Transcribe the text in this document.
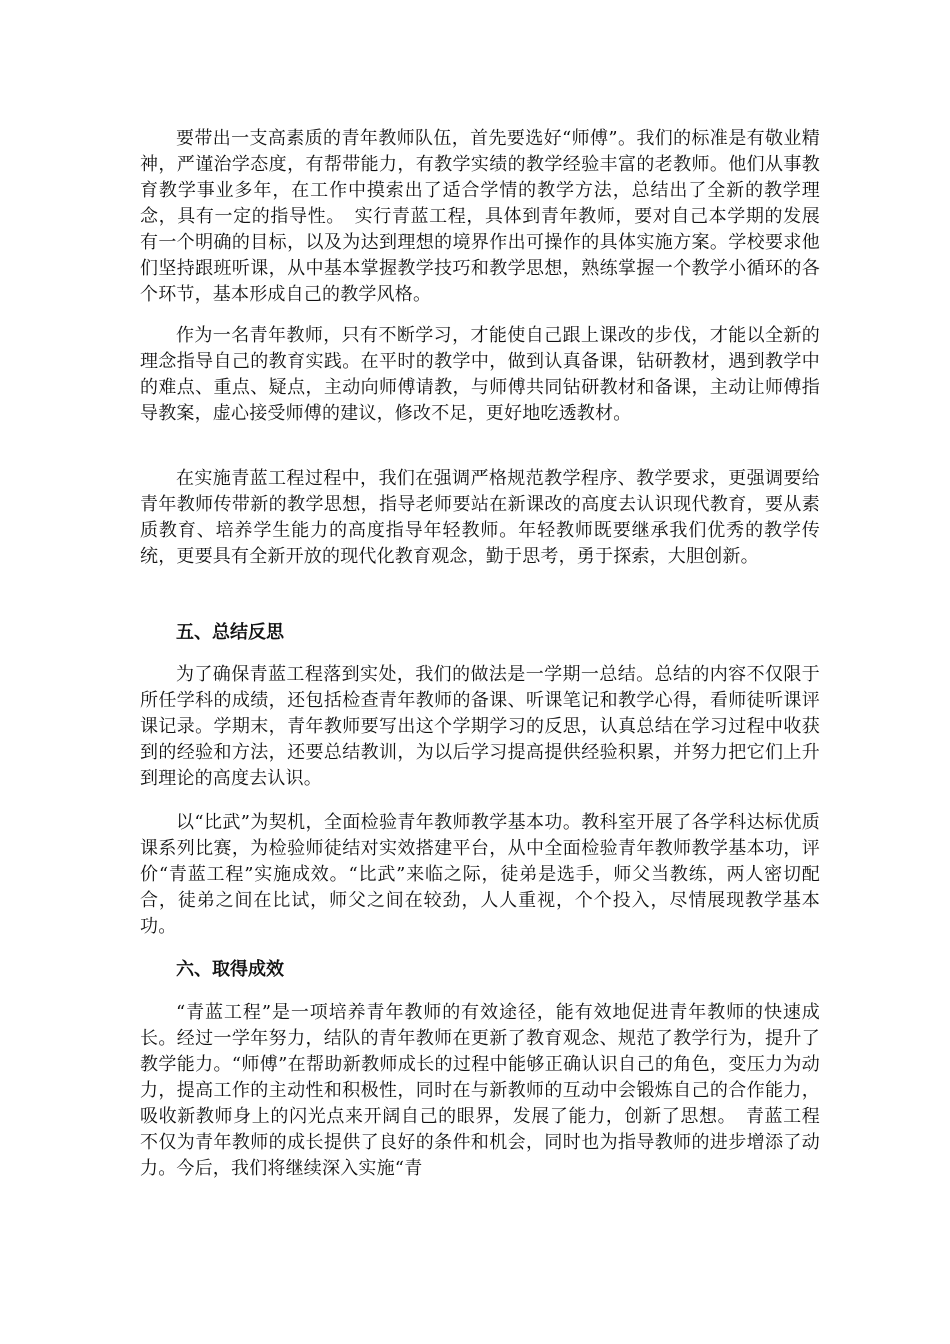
要带出一支高素质的青年教师队伍，首先要选好“师傅”。我们的标准是有敬业精神，严谨治学态度，有帮带能力，有教学实绩的教学经验丰富的老教师。他们从事教育教学事业多年，在工作中摸索出了适合学情的教学方法，总结出了全新的教学理念，具有一定的指导性。　实行青蓝工程，具体到青年教师，要对自己本学期的发展有一个明确的目标，以及为达到理想的境界作出可操作的具体实施方案。学校要求他们坚持跟班听课，从中基本掌握教学技巧和教学思想，熟练掌握一个教学小循环的各个环节，基本形成自己的教学风格。

作为一名青年教师，只有不断学习，才能使自己跟上课改的步伐，才能以全新的理念指导自己的教育实践。在平时的教学中，做到认真备课，钻研教材，遇到教学中的难点、重点、疑点，主动向师傅请教，与师傅共同钻研教材和备课，主动让师傅指导教案，虚心接受师傅的建议，修改不足，更好地吃透教材。

在实施青蓝工程过程中，我们在强调严格规范教学程序、教学要求，更强调要给青年教师传带新的教学思想，指导老师要站在新课改的高度去认识现代教育，要从素质教育、培养学生能力的高度指导年轻教师。年轻教师既要继承我们优秀的教学传统，更要具有全新开放的现代化教育观念，勤于思考，勇于探索，大胆创新。

五、总结反思

为了确保青蓝工程落到实处，我们的做法是一学期一总结。总结的内容不仅限于所任学科的成绩，还包括检查青年教师的备课、听课笔记和教学心得，看师徒听课评课记录。学期末，青年教师要写出这个学期学习的反思，认真总结在学习过程中收获到的经验和方法，还要总结教训，为以后学习提高提供经验积累，并努力把它们上升到理论的高度去认识。

以“比武”为契机，全面检验青年教师教学基本功。教科室开展了各学科达标优质课系列比赛，为检验师徒结对实效搭建平台，从中全面检验青年教师教学基本功，评价“青蓝工程”实施成效。“比武”来临之际，徒弟是选手，师父当教练，两人密切配合，徒弟之间在比试，师父之间在较劲，人人重视，个个投入，尽情展现教学基本功。

六、取得成效

“青蓝工程”是一项培养青年教师的有效途径，能有效地促进青年教师的快速成长。经过一学年努力，结队的青年教师在更新了教育观念、规范了教学行为，提升了教学能力。“师傅”在帮助新教师成长的过程中能够正确认识自己的角色，变压力为动力，提高工作的主动性和积极性，同时在与新教师的互动中会锻炼自己的合作能力，吸收新教师身上的闪光点来开阔自己的眼界，发展了能力，创新了思想。　青蓝工程不仅为青年教师的成长提供了良好的条件和机会，同时也为指导教师的进步增添了动力。今后，我们将继续深入实施“青
